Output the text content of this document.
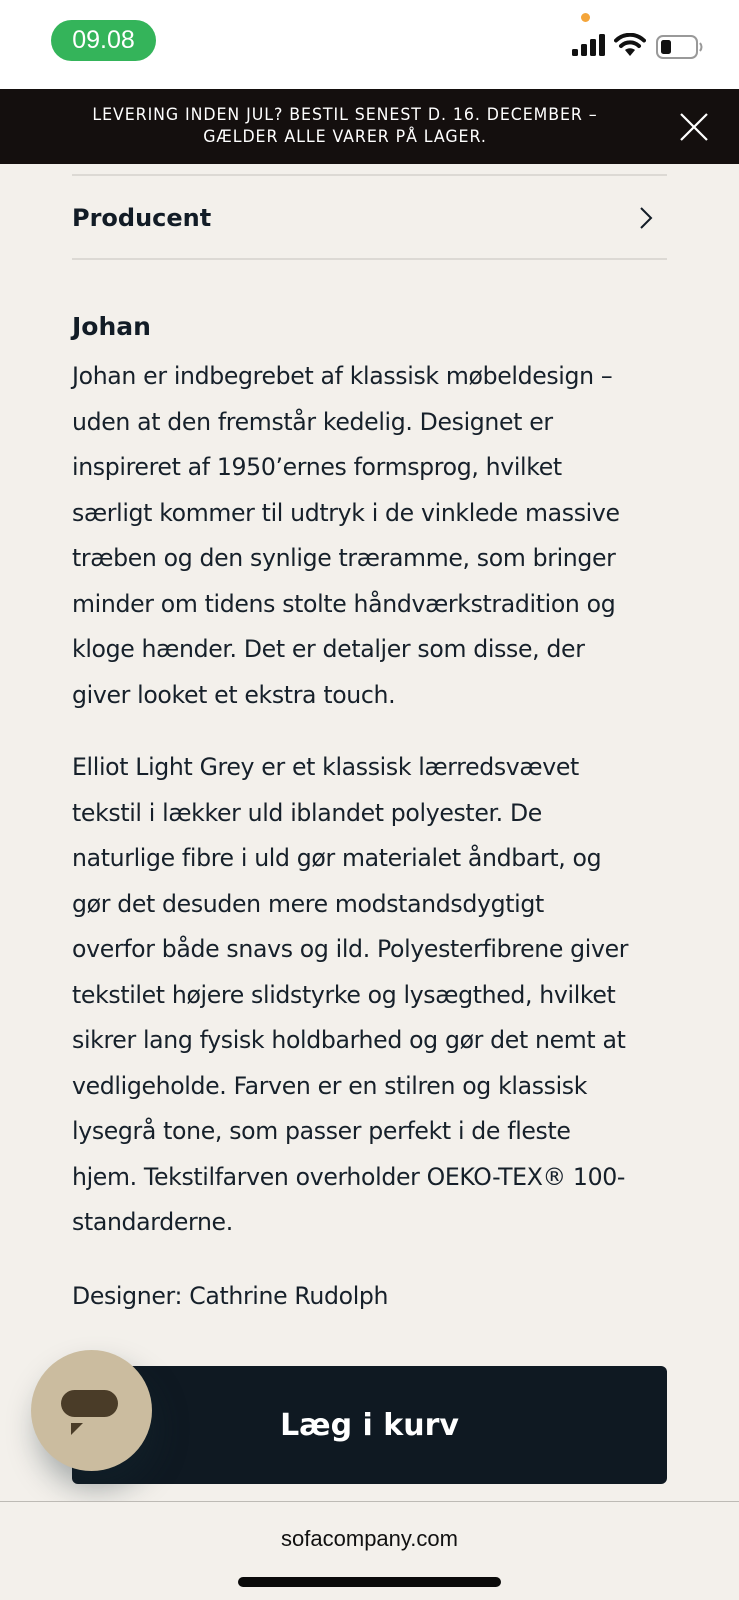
09.08
LEVERING INDEN JUL? BESTIL SENEST D. 16. DECEMBER –
GÆLDER ALLE VARER PÅ LAGER.
Producent
Johan
Johan er indbegrebet af klassisk møbeldesign –
uden at den fremstår kedelig. Designet er
inspireret af 1950’ernes formsprog, hvilket
særligt kommer til udtryk i de vinklede massive
træben og den synlige træramme, som bringer
minder om tidens stolte håndværkstradition og
kloge hænder. Det er detaljer som disse, der
giver looket et ekstra touch.
Elliot Light Grey er et klassisk lærredsvævet
tekstil i lækker uld iblandet polyester. De
naturlige fibre i uld gør materialet åndbart, og
gør det desuden mere modstandsdygtigt
overfor både snavs og ild. Polyesterfibrene giver
tekstilet højere slidstyrke og lysægthed, hvilket
sikrer lang fysisk holdbarhed og gør det nemt at
vedligeholde. Farven er en stilren og klassisk
lysegrå tone, som passer perfekt i de fleste
hjem. Tekstilfarven overholder OEKO-TEX® 100-
standarderne.
Designer: Cathrine Rudolph
Læg i kurv
sofacompany.com
